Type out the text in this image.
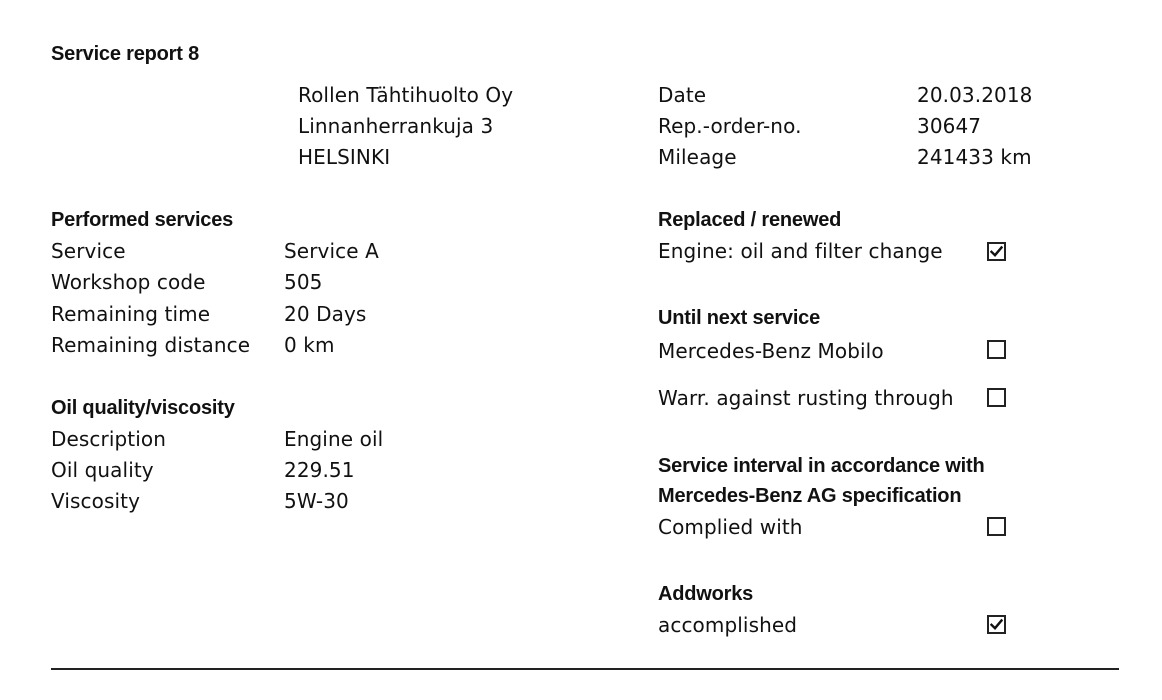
Service report 8
Rollen Tähtihuolto Oy
Linnanherrankuja 3
HELSINKI
Date	20.03.2018
Rep.-order-no.	30647
Mileage	241433 km
Performed services
Service	Service A
Workshop code	505
Remaining time	20 Days
Remaining distance 0 km
Oil quality/viscosity
Description	Engine oil
Oil quality	229.51
Viscosity	5W-30
Replaced / renewed
Engine: oil and filter change
Until next service
Mercedes-Benz Mobilo
Warr. against rusting through
Service interval in accordance with
Mercedes-Benz AG specification
Complied with
Addworks
accomplished
